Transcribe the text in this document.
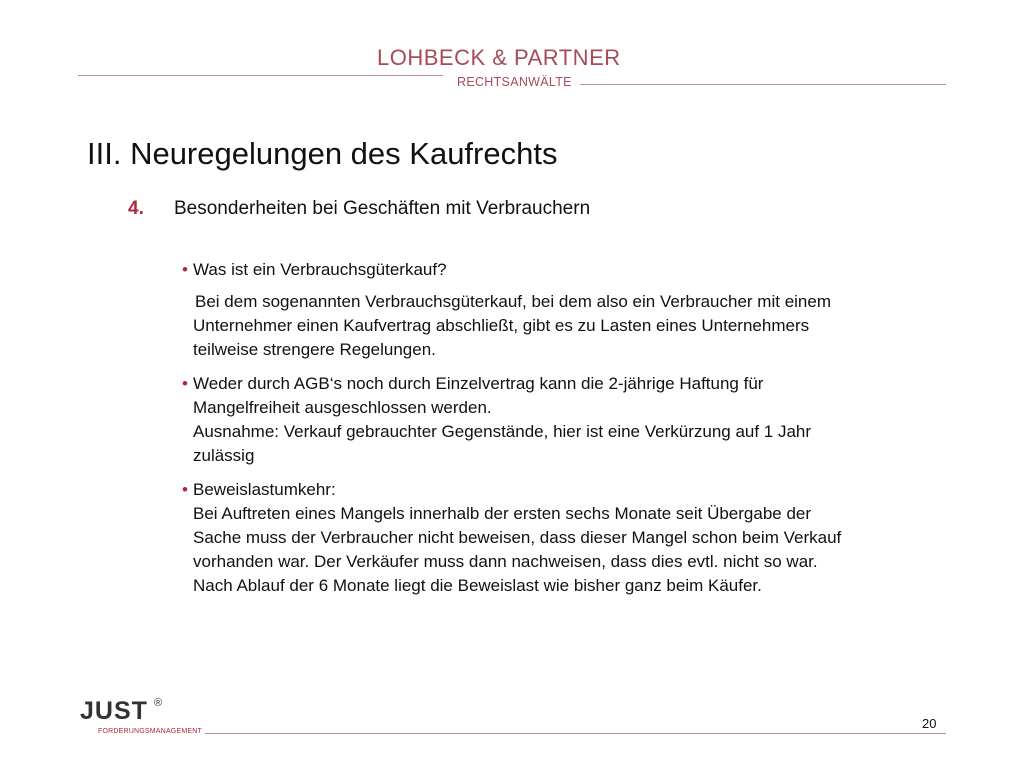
LOHBECK & PARTNER
RECHTSANWÄLTE
III. Neuregelungen des Kaufrechts
4. Besonderheiten bei Geschäften mit Verbrauchern

• Was ist ein Verbrauchsgüterkauf?

Bei dem sogenannten Verbrauchsgüterkauf, bei dem also ein Verbraucher mit einem
Unternehmer einen Kaufvertrag abschließt, gibt es zu Lasten eines Unternehmers
teilweise strengere Regelungen.
• Weder durch AGB‘s noch durch Einzelvertrag kann die 2-jährige Haftung für
Mangelfreiheit ausgeschlossen werden.
Ausnahme: Verkauf gebrauchter Gegenstände, hier ist eine Verkürzung auf 1 Jahr
zulässig
• Beweislastumkehr:
Bei Auftreten eines Mangels innerhalb der ersten sechs Monate seit Übergabe der
Sache muss der Verbraucher nicht beweisen, dass dieser Mangel schon beim Verkauf
vorhanden war. Der Verkäufer muss dann nachweisen, dass dies evtl. nicht so war.
Nach Ablauf der 6 Monate liegt die Beweislast wie bisher ganz beim Käufer.
JUST ®
FORDERUNGSMANAGEMENT
20
